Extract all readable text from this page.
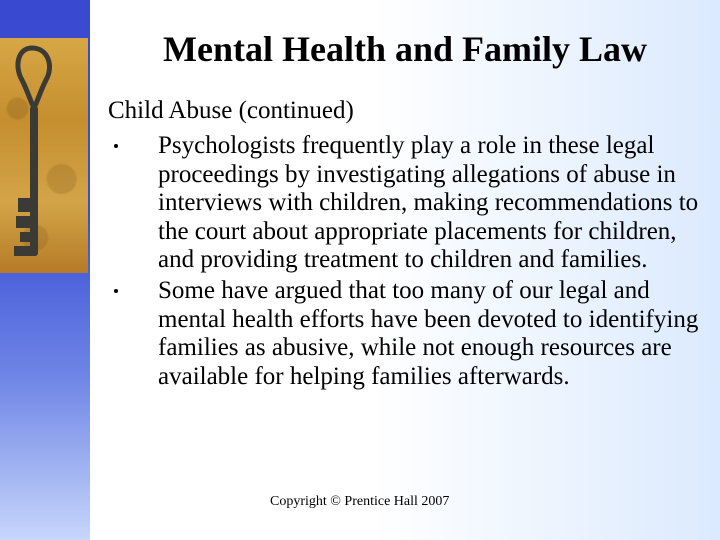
Mental Health and Family Law
Child Abuse (continued)
Psychologists frequently play a role in these legal proceedings by investigating allegations of abuse in interviews with children, making recommendations to the court about appropriate placements for children, and providing treatment to children and families.
Some have argued that too many of our legal and mental health efforts have been devoted to identifying families as abusive, while not enough resources are available for helping families afterwards.
Copyright © Prentice Hall 2007
